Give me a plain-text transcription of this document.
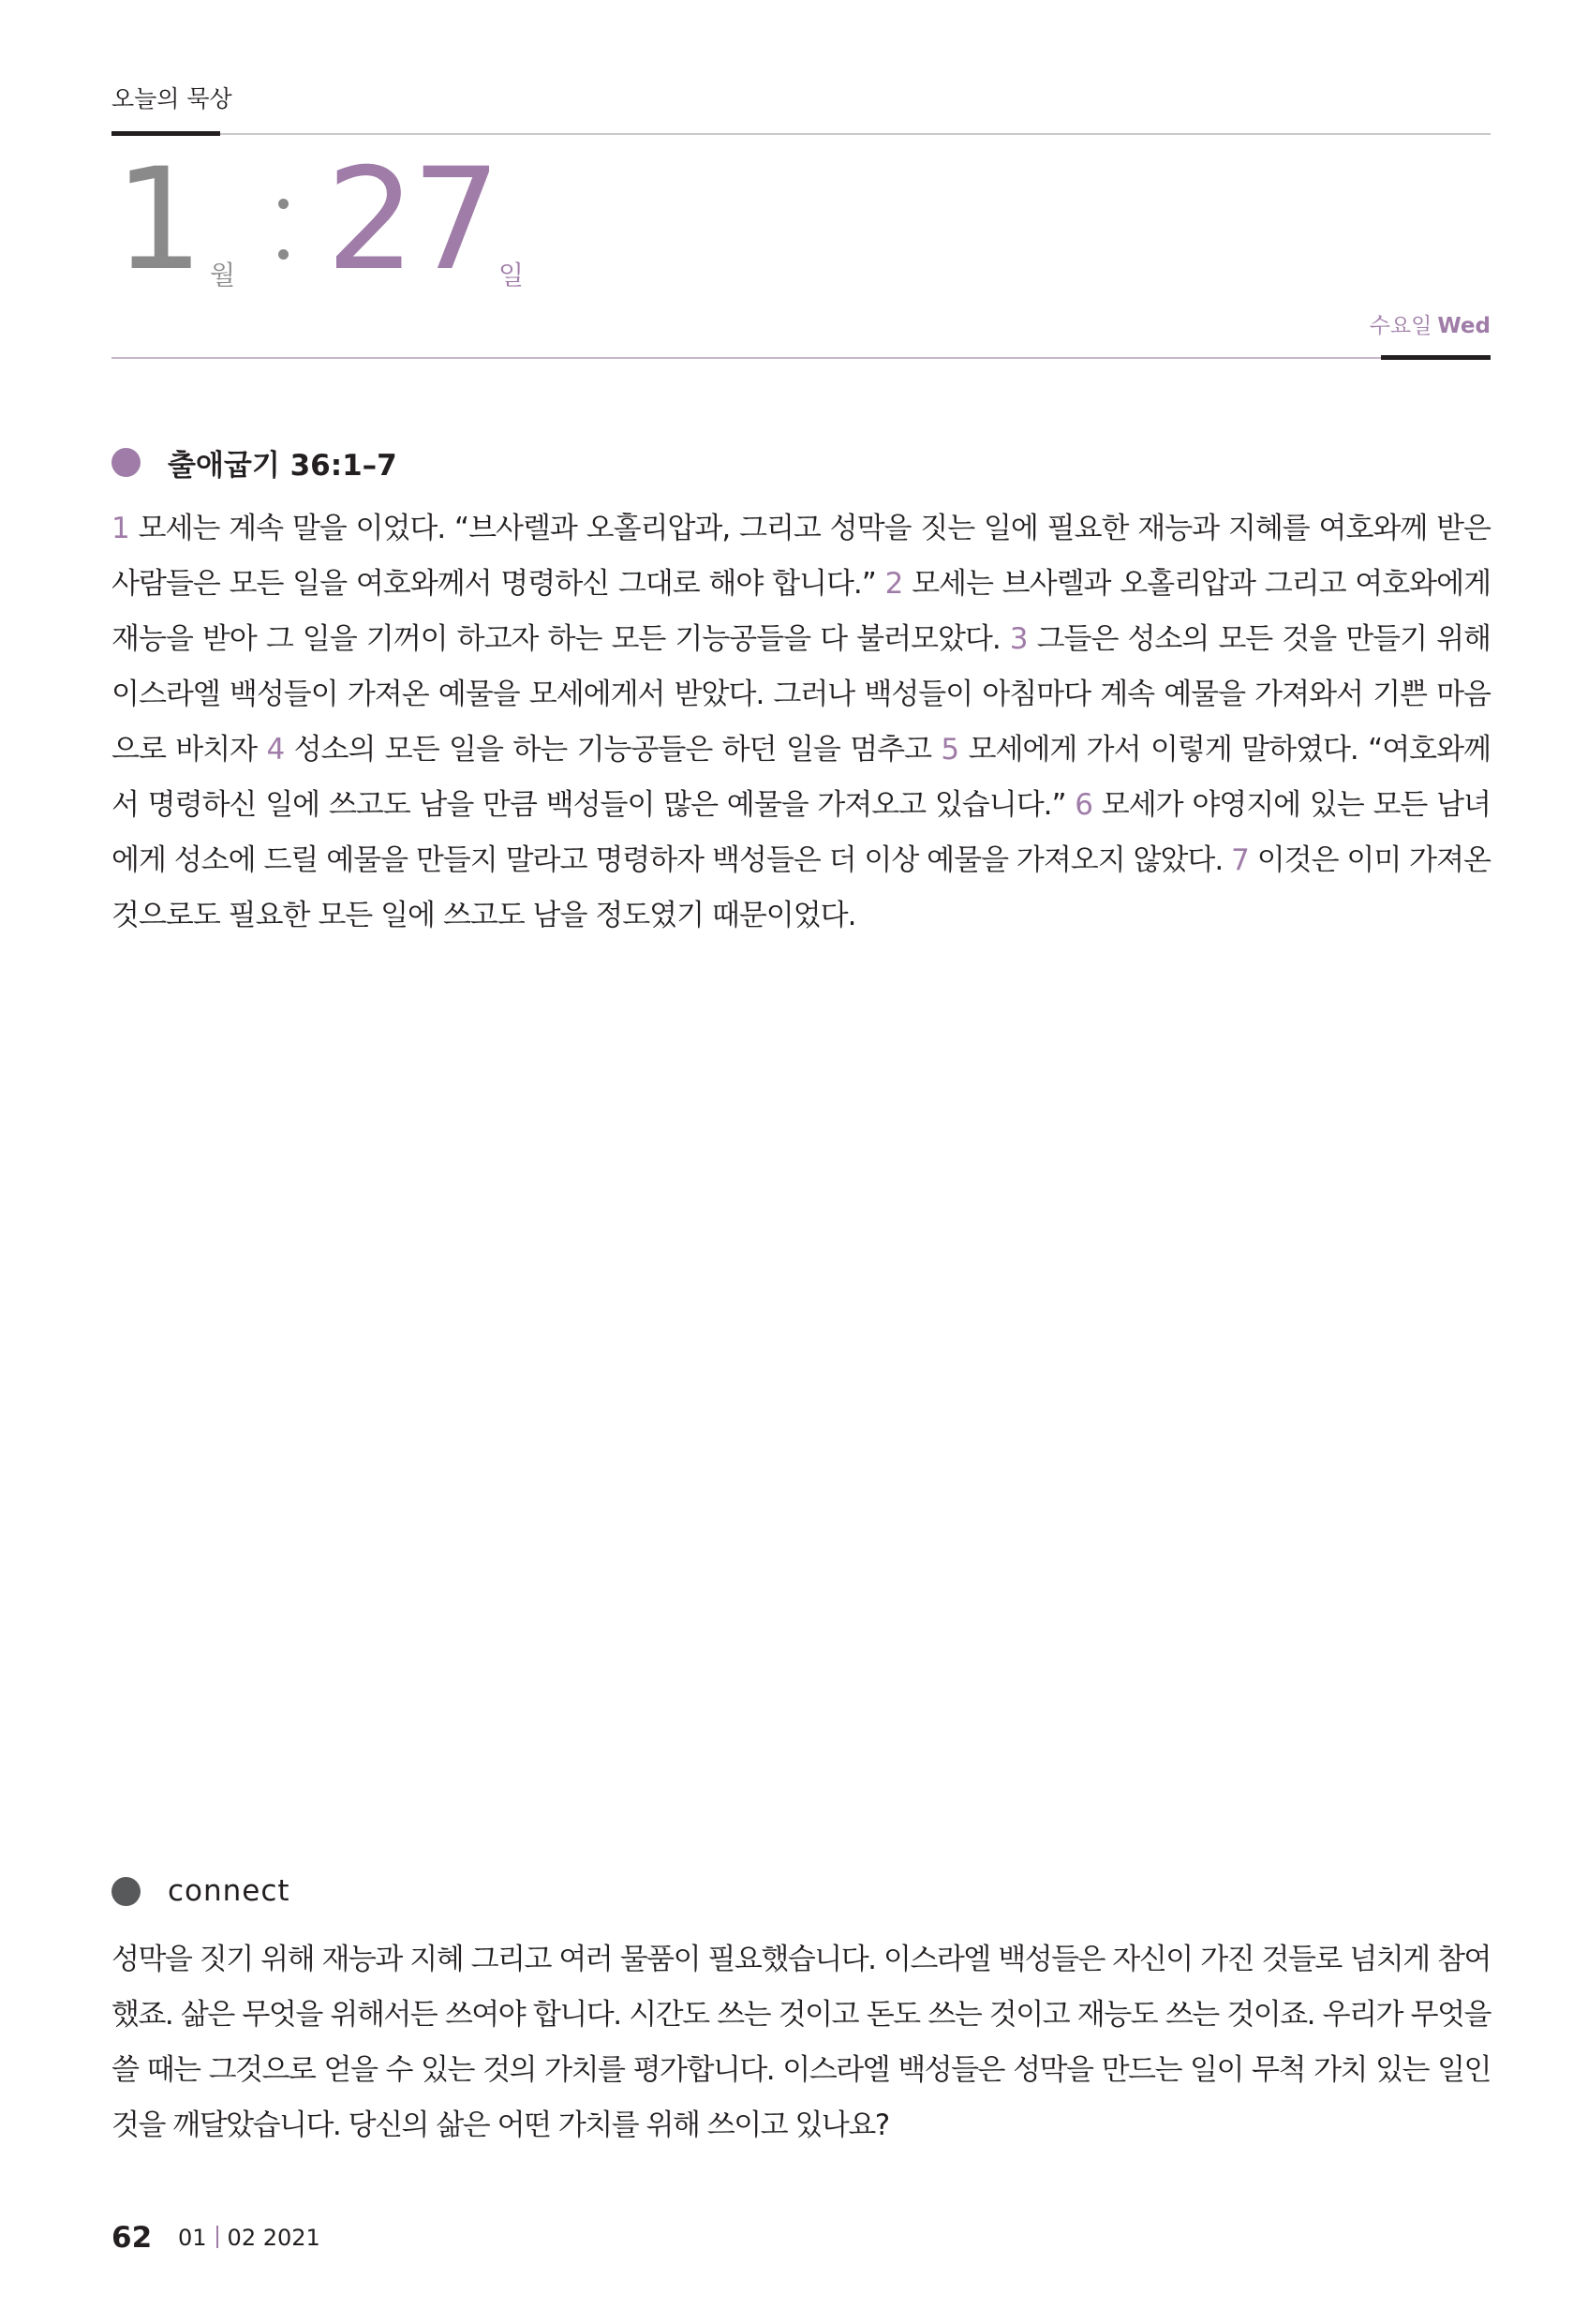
오늘의 묵상
1 월 27 일
수요일 Wed
출애굽기 36:1–7
1 모세는 계속 말을 이었다. “브사렐과 오홀리압과, 그리고 성막을 짓는 일에 필요한 재능과 지혜를 여호와께 받은 사람들은 모든 일을 여호와께서 명령하신 그대로 해야 합니다.” 2 모세는 브사렐과 오홀리압과 그리고 여호와에게 재능을 받아 그 일을 기꺼이 하고자 하는 모든 기능공들을 다 불러모았다. 3 그들은 성소의 모든 것을 만들기 위해 이스라엘 백성들이 가져온 예물을 모세에게서 받았다. 그러나 백성들이 아침마다 계속 예물을 가져와서 기쁜 마음으로 바치자 4 성소의 모든 일을 하는 기능공들은 하던 일을 멈추고 5 모세에게 가서 이렇게 말하였다. “여호와께서 명령하신 일에 쓰고도 남을 만큼 백성들이 많은 예물을 가져오고 있습니다.” 6 모세가 야영지에 있는 모든 남녀에게 성소에 드릴 예물을 만들지 말라고 명령하자 백성들은 더 이상 예물을 가져오지 않았다. 7 이것은 이미 가져온 것으로도 필요한 모든 일에 쓰고도 남을 정도였기 때문이었다.
connect
성막을 짓기 위해 재능과 지혜 그리고 여러 물품이 필요했습니다. 이스라엘 백성들은 자신이 가진 것들로 넘치게 참여했죠. 삶은 무엇을 위해서든 쓰여야 합니다. 시간도 쓰는 것이고 돈도 쓰는 것이고 재능도 쓰는 것이죠. 우리가 무엇을 쓸 때는 그것으로 얻을 수 있는 것의 가치를 평가합니다. 이스라엘 백성들은 성막을 만드는 일이 무척 가치 있는 일인 것을 깨달았습니다. 당신의 삶은 어떤 가치를 위해 쓰이고 있나요?
62 01 02 2021
